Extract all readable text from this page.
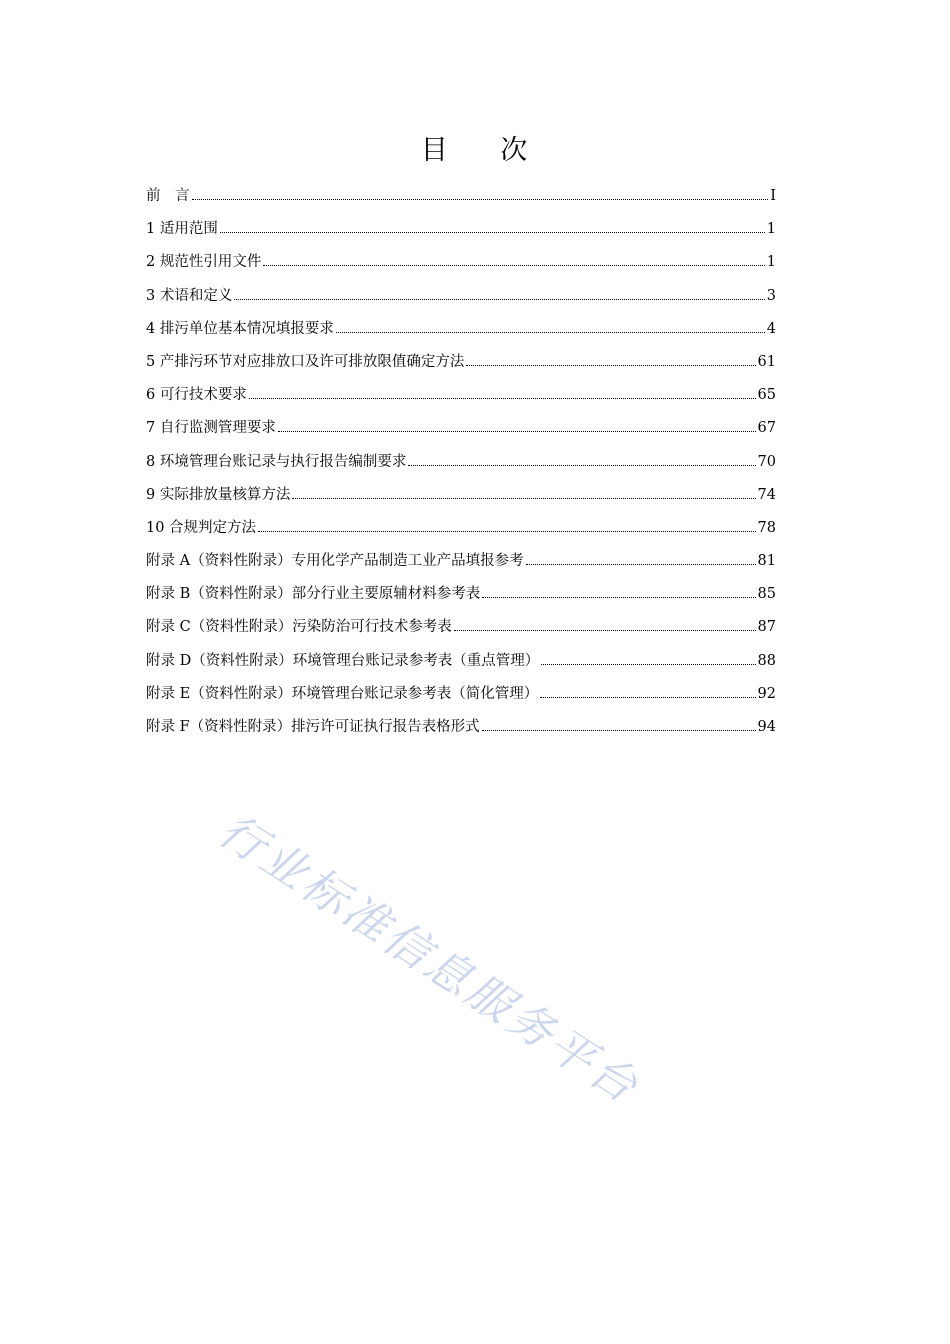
目 次
前　言	I
1 适用范围	1
2 规范性引用文件	1
3 术语和定义	3
4 排污单位基本情况填报要求	4
5 产排污环节对应排放口及许可排放限值确定方法	61
6 可行技术要求	65
7 自行监测管理要求	67
8 环境管理台账记录与执行报告编制要求	70
9 实际排放量核算方法	74
10 合规判定方法	78
附录 A（资料性附录）专用化学产品制造工业产品填报参考	81
附录 B（资料性附录）部分行业主要原辅材料参考表	85
附录 C（资料性附录）污染防治可行技术参考表	87
附录 D（资料性附录）环境管理台账记录参考表（重点管理）	88
附录 E（资料性附录）环境管理台账记录参考表（简化管理）	92
附录 F（资料性附录）排污许可证执行报告表格形式	94
行业标准信息服务平台
